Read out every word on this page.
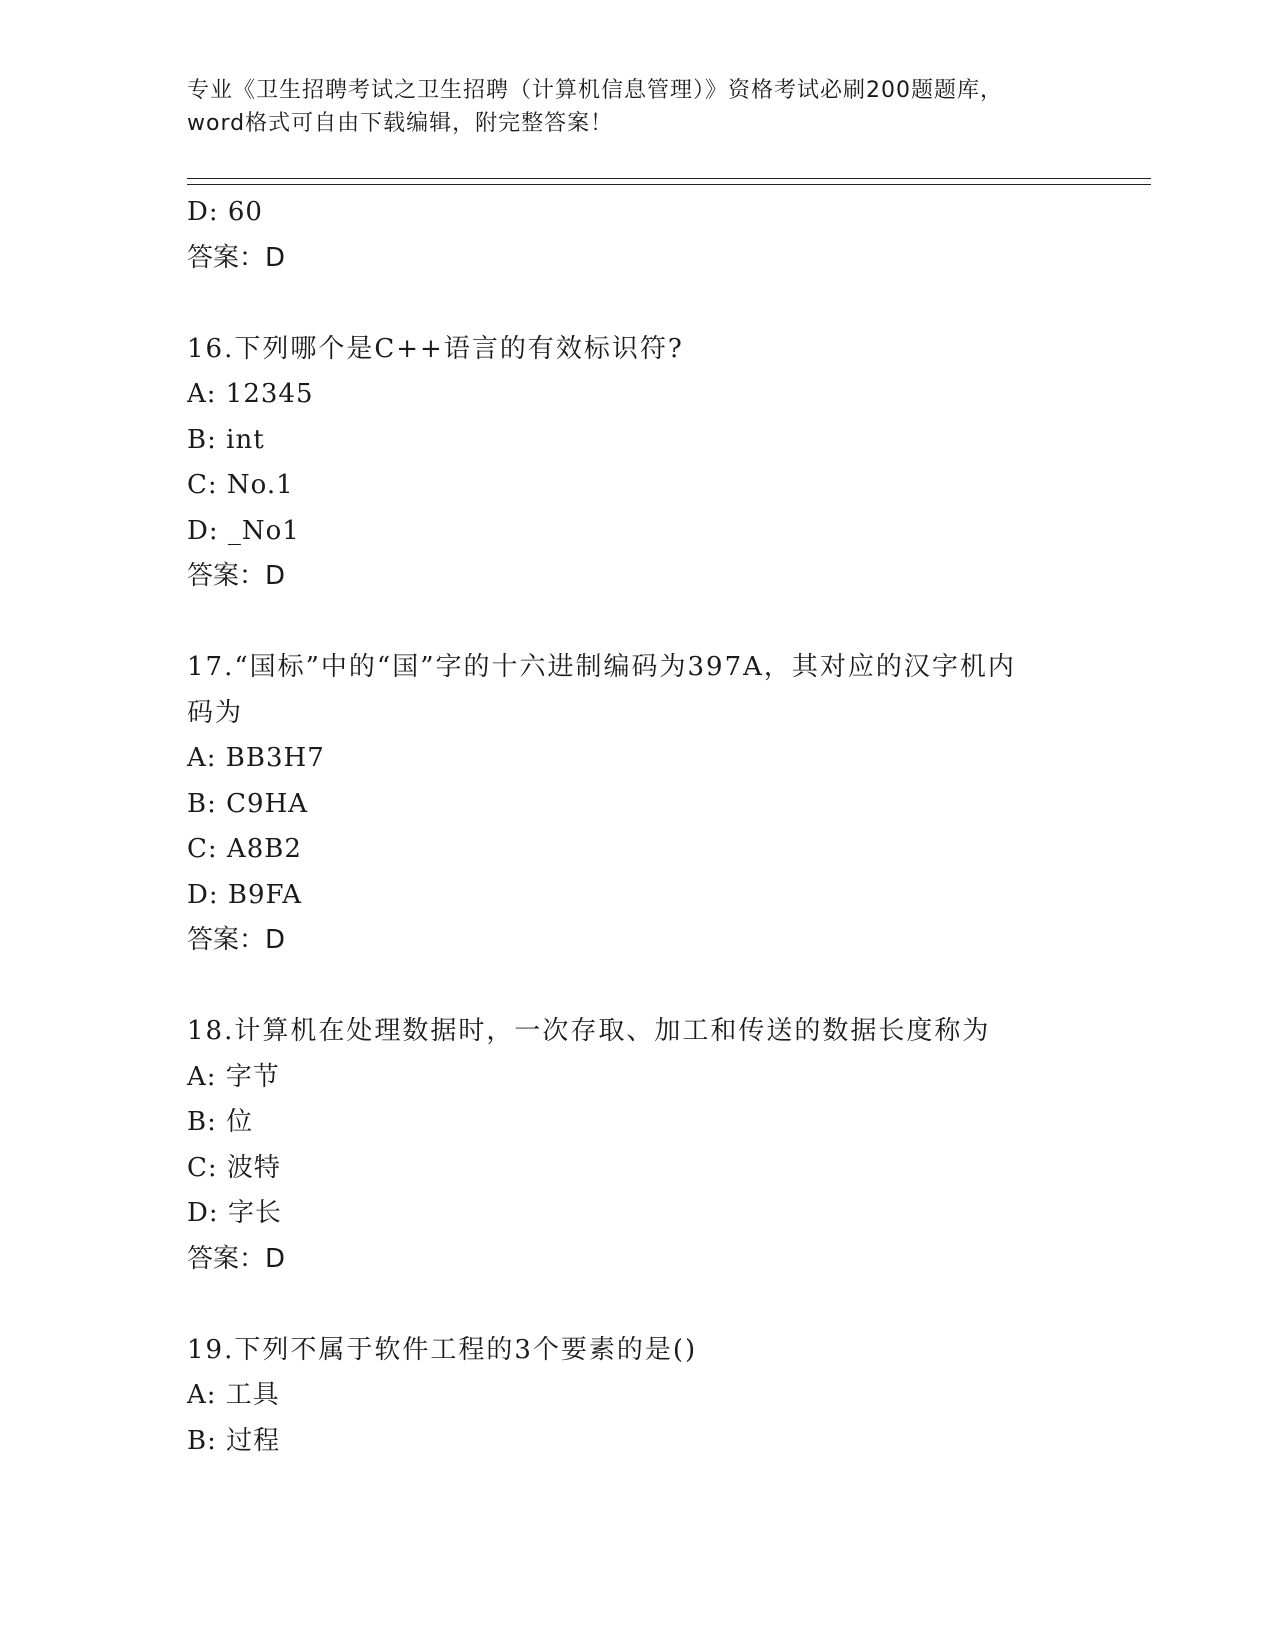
专业《卫生招聘考试之卫生招聘（计算机信息管理）》资格考试必刷200题题库，
word格式可自由下载编辑，附完整答案！
D: 60
答案：D
16.下列哪个是C++语言的有效标识符?
A: 12345
B: int
C: No.1
D: _No1
答案：D
17.“国标”中的“国”字的十六进制编码为397A，其对应的汉字机内
码为
A: BB3H7
B: C9HA
C: A8B2
D: B9FA
答案：D
18.计算机在处理数据时，一次存取、加工和传送的数据长度称为
A: 字节
B: 位
C: 波特
D: 字长
答案：D
19.下列不属于软件工程的3个要素的是()
A: 工具
B: 过程
